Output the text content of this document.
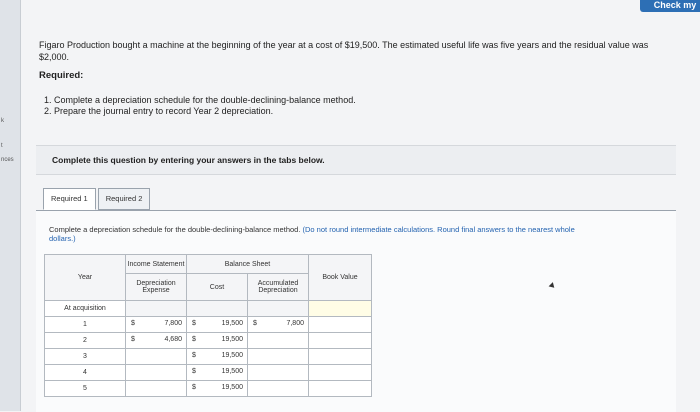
k
t
nces
Check my
Figaro Production bought a machine at the beginning of the year at a cost of $19,500. The estimated useful life was five years and the residual value was $2,000.
Required:
1. Complete a depreciation schedule for the double-declining-balance method.
2. Prepare the journal entry to record Year 2 depreciation.
Complete this question by entering your answers in the tabs below.
Required 1	Required 2
Complete a depreciation schedule for the double-declining-balance method. (Do not round intermediate calculations. Round final answers to the nearest whole dollars.)
Year	Income Statement	Balance Sheet		Book Value
	Depreciation Expense	Cost	Accumulated Depreciation	
At acquisition				
1	$ 7,800	$ 19,500	$ 7,800	

2	$ 4,680	$ 19,500		

3		$ 19,500		

4		$ 19,500		

5		$ 19,500		
